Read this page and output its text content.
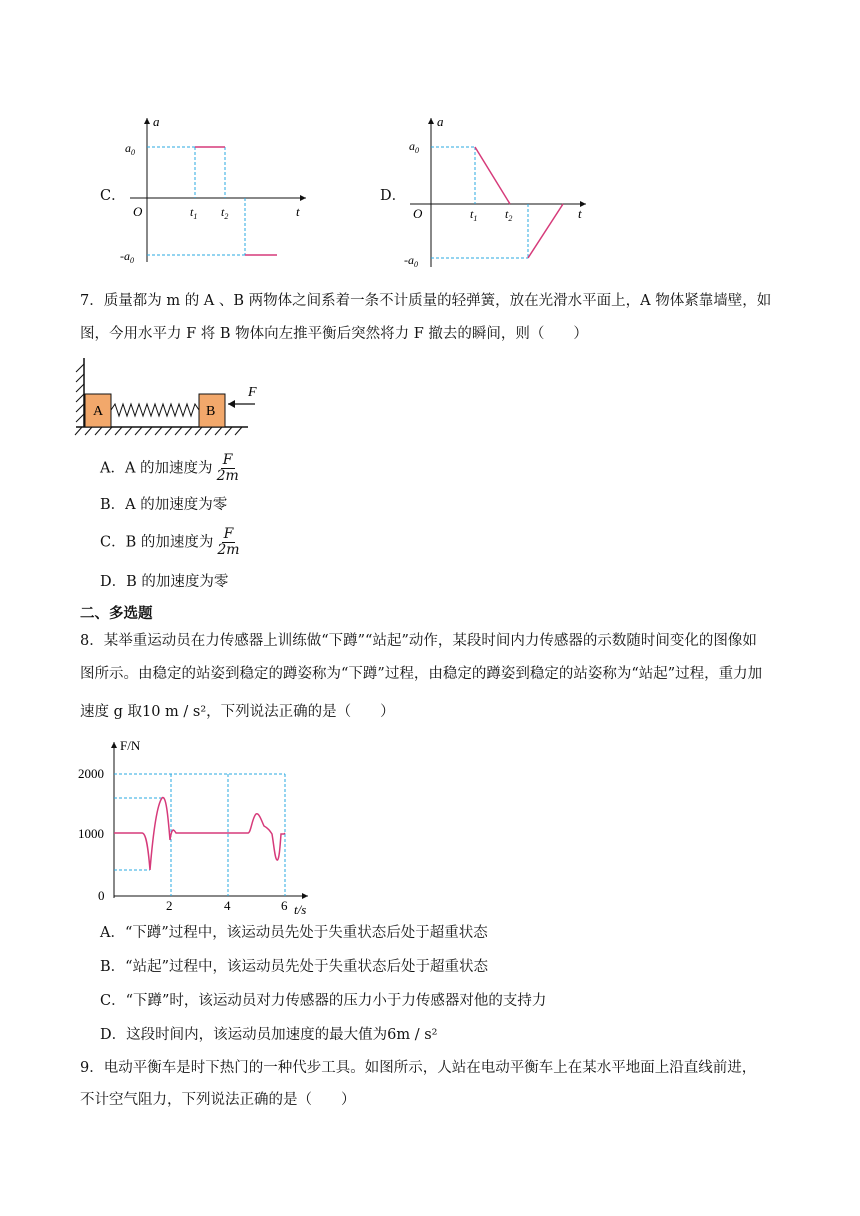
C．
a
t
O
$a_0$
$-a_0$
$t_1$ $t_2$
D．
a
t
O
$a_0$
$-a_0$
$t_1$ $t_2$
7．质量都为 m 的 A 、B 两物体之间系着一条不计质量的轻弹簧，放在光滑水平面上，A 物体紧靠墙壁，如
图，今用水平力 F 将 B 物体向左推平衡后突然将力 F 撤去的瞬间，则（　　）
A	B
F
A．A 的加速度为 $\frac{F}{2m}$
B．A 的加速度为零
C．B 的加速度为 $\frac{F}{2m}$
D．B 的加速度为零
二、多选题
8．某举重运动员在力传感器上训练做“下蹲”“站起”动作，某段时间内力传感器的示数随时间变化的图像如
图所示。由稳定的站姿到稳定的蹲姿称为“下蹲”过程，由稳定的蹲姿到稳定的站姿称为“站起”过程，重力加
速度 g 取10 m / s²，下列说法正确的是（　　）
F/N
t/s
0
1000
2000
2	4	6
A．“下蹲”过程中，该运动员先处于失重状态后处于超重状态
B．“站起”过程中，该运动员先处于失重状态后处于超重状态
C．“下蹲”时，该运动员对力传感器的压力小于力传感器对他的支持力
D．这段时间内，该运动员加速度的最大值为6m / s²
9．电动平衡车是时下热门的一种代步工具。如图所示，人站在电动平衡车上在某水平地面上沿直线前进，
不计空气阻力，下列说法正确的是（　　）
